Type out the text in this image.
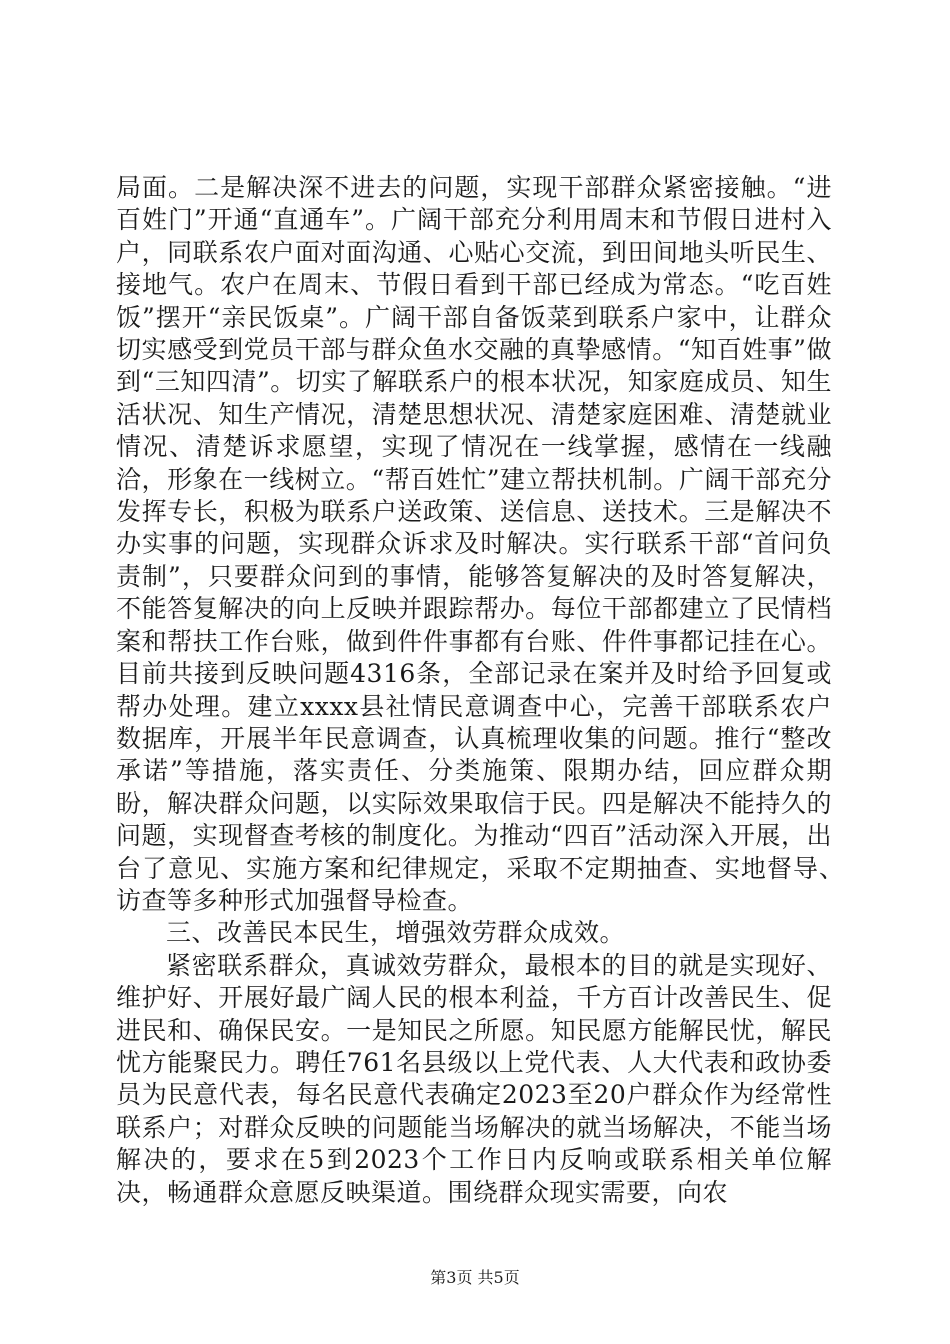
局面。二是解决深不进去的问题，实现干部群众紧密接触。“进百姓门”开通“直通车”。广阔干部充分利用周末和节假日进村入户，同联系农户面对面沟通、心贴心交流，到田间地头听民生、接地气。农户在周末、节假日看到干部已经成为常态。“吃百姓饭”摆开“亲民饭桌”。广阔干部自备饭菜到联系户家中，让群众切实感受到党员干部与群众鱼水交融的真挚感情。“知百姓事”做到“三知四清”。切实了解联系户的根本状况，知家庭成员、知生活状况、知生产情况，清楚思想状况、清楚家庭困难、清楚就业情况、清楚诉求愿望，实现了情况在一线掌握，感情在一线融洽，形象在一线树立。“帮百姓忙”建立帮扶机制。广阔干部充分发挥专长，积极为联系户送政策、送信息、送技术。三是解决不办实事的问题，实现群众诉求及时解决。实行联系干部“首问负责制”，只要群众问到的事情，能够答复解决的及时答复解决，不能答复解决的向上反映并跟踪帮办。每位干部都建立了民情档案和帮扶工作台账，做到件件事都有台账、件件事都记挂在心。目前共接到反映问题4316条，全部记录在案并及时给予回复或帮办处理。建立xxxx县社情民意调查中心，完善干部联系农户数据库，开展半年民意调查，认真梳理收集的问题。推行“整改承诺”等措施，落实责任、分类施策、限期办结，回应群众期盼，解决群众问题，以实际效果取信于民。四是解决不能持久的问题，实现督查考核的制度化。为推动“四百”活动深入开展，出台了意见、实施方案和纪律规定，采取不定期抽查、实地督导、　访查等多种形式加强督导检查。

三、改善民本民生，增强效劳群众成效。

紧密联系群众，真诚效劳群众，最根本的目的就是实现好、维护好、开展好最广阔人民的根本利益，千方百计改善民生、促进民和、确保民安。一是知民之所愿。知民愿方能解民忧，解民忧方能聚民力。聘任761名县级以上党代表、人大代表和政协委员为民意代表，每名民意代表确定2023至20户群众作为经常性联系户；对群众反映的问题能当场解决的就当场解决，不能当场解决的，要求在5到2023个工作日内反响或联系相关单位解决，畅通群众意愿反映渠道。围绕群众现实需要，向农

第3页 共5页
